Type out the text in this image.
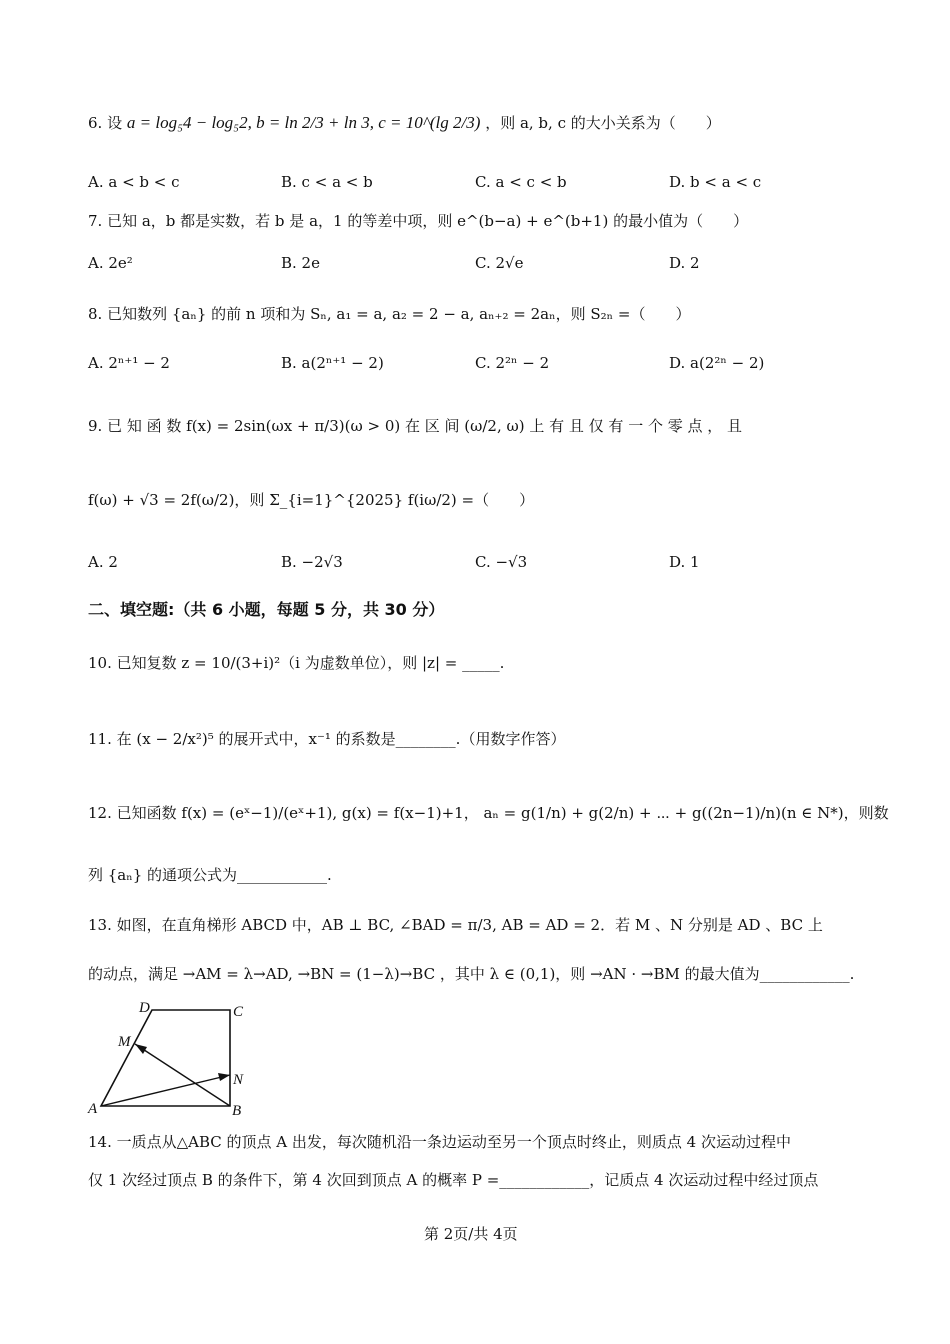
6. 设 a = log₅4 − log₅2, b = ln 2/3 + ln 3, c = 10^(lg 2/3) ，则 a, b, c 的大小关系为（　　）
A. a < b < c	B. c < a < b	C. a < c < b	D. b < a < c
7. 已知 a，b 都是实数，若 b 是 a，1 的等差中项，则 e^(b−a) + e^(b+1) 的最小值为（　　）
A. 2e²	B. 2e	C. 2√e	D. 2
8. 已知数列 {aₙ} 的前 n 项和为 Sₙ, a₁ = a, a₂ = 2 − a, aₙ₊₂ = 2aₙ，则 S₂ₙ =（　　）
A. 2ⁿ⁺¹ − 2	B. a(2ⁿ⁺¹ − 2)	C. 2²ⁿ − 2	D. a(2²ⁿ − 2)
9. 已 知 函 数 f(x) = 2sin(ωx + π/3)(ω > 0) 在 区 间 (ω/2, ω) 上 有 且 仅 有 一 个 零 点 ， 且
f(ω) + √3 = 2f(ω/2)，则 Σ_{i=1}^{2025} f(iω/2) =（　　）
A. 2	B. −2√3	C. −√3	D. 1
二、填空题:（共 6 小题，每题 5 分，共 30 分）
10. 已知复数 z = 10/(3+i)²（i 为虚数单位），则 |z| = _____.
11. 在 (x − 2/x²)⁵ 的展开式中，x⁻¹ 的系数是________.（用数字作答）
12. 已知函数 f(x) = (eˣ−1)/(eˣ+1), g(x) = f(x−1)+1， aₙ = g(1/n) + g(2/n) + ⋯ + g((2n−1)/n)(n ∈ N*)，则数
列 {aₙ} 的通项公式为____________.
13. 如图，在直角梯形 ABCD 中，AB ⊥ BC, ∠BAD = π/3, AB = AD = 2．若 M 、N 分别是 AD 、BC 上
的动点，满足 →AM = λ→AD, →BN = (1−λ)→BC ，其中 λ ∈ (0,1)，则 →AN · →BM 的最大值为____________.
D	C
M
N
A	B
14. 一质点从△ABC 的顶点 A 出发，每次随机沿一条边运动至另一个顶点时终止，则质点 4 次运动过程中
仅 1 次经过顶点 B 的条件下，第 4 次回到顶点 A 的概率 P =____________，记质点 4 次运动过程中经过顶点
第 2页/共 4页
